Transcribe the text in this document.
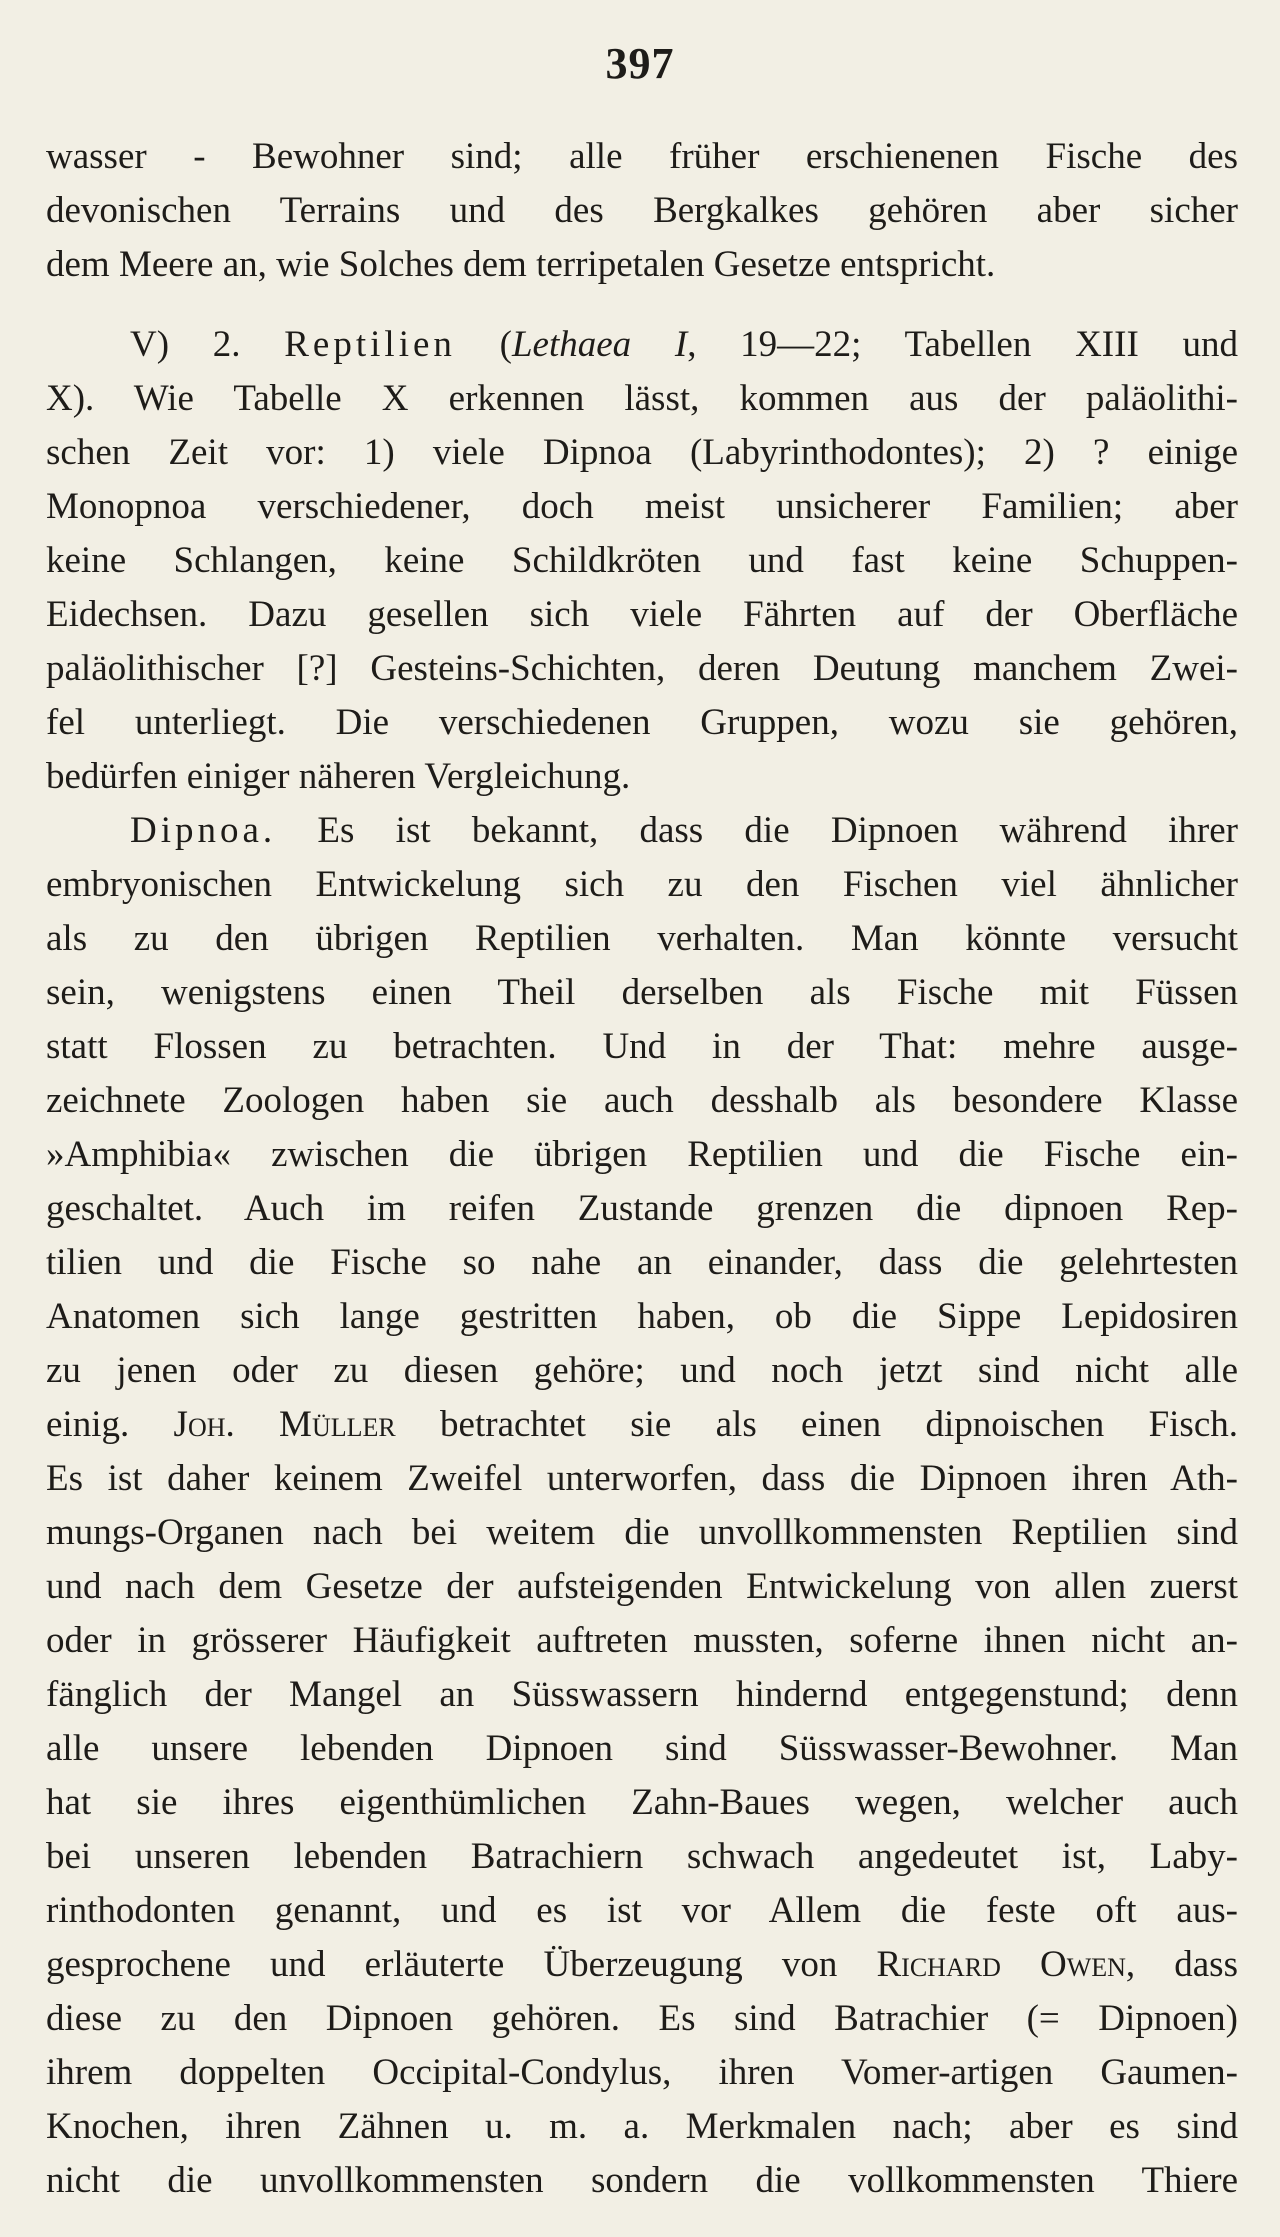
397
wasser - Bewohner sind; alle früher erschienenen Fische des
devonischen Terrains und des Bergkalkes gehören aber sicher
dem Meere an, wie Solches dem terripetalen Gesetze entspricht.
V) 2. Reptilien (Lethaea I, 19—22; Tabellen XIII und
X). Wie Tabelle X erkennen lässt, kommen aus der paläolithi-
schen Zeit vor: 1) viele Dipnoa (Labyrinthodontes); 2) ? einige
Monopnoa verschiedener, doch meist unsicherer Familien; aber
keine Schlangen, keine Schildkröten und fast keine Schuppen-
Eidechsen. Dazu gesellen sich viele Fährten auf der Oberfläche
paläolithischer [?] Gesteins-Schichten, deren Deutung manchem Zwei-
fel unterliegt. Die verschiedenen Gruppen, wozu sie gehören,
bedürfen einiger näheren Vergleichung.
Dipnoa. Es ist bekannt, dass die Dipnoen während ihrer
embryonischen Entwickelung sich zu den Fischen viel ähnlicher
als zu den übrigen Reptilien verhalten. Man könnte versucht
sein, wenigstens einen Theil derselben als Fische mit Füssen
statt Flossen zu betrachten. Und in der That: mehre ausge-
zeichnete Zoologen haben sie auch desshalb als besondere Klasse
»Amphibia« zwischen die übrigen Reptilien und die Fische ein-
geschaltet. Auch im reifen Zustande grenzen die dipnoen Rep-
tilien und die Fische so nahe an einander, dass die gelehrtesten
Anatomen sich lange gestritten haben, ob die Sippe Lepidosiren
zu jenen oder zu diesen gehöre; und noch jetzt sind nicht alle
einig. Joh. Müller betrachtet sie als einen dipnoischen Fisch.
Es ist daher keinem Zweifel unterworfen, dass die Dipnoen ihren Ath-
mungs-Organen nach bei weitem die unvollkommensten Reptilien sind
und nach dem Gesetze der aufsteigenden Entwickelung von allen zuerst
oder in grösserer Häufigkeit auftreten mussten, soferne ihnen nicht an-
fänglich der Mangel an Süsswassern hindernd entgegenstund; denn
alle unsere lebenden Dipnoen sind Süsswasser-Bewohner. Man
hat sie ihres eigenthümlichen Zahn-Baues wegen, welcher auch
bei unseren lebenden Batrachiern schwach angedeutet ist, Laby-
rinthodonten genannt, und es ist vor Allem die feste oft aus-
gesprochene und erläuterte Überzeugung von Richard Owen, dass
diese zu den Dipnoen gehören. Es sind Batrachier (= Dipnoen)
ihrem doppelten Occipital-Condylus, ihren Vomer-artigen Gaumen-
Knochen, ihren Zähnen u. m. a. Merkmalen nach; aber es sind
nicht die unvollkommensten sondern die vollkommensten Thiere
